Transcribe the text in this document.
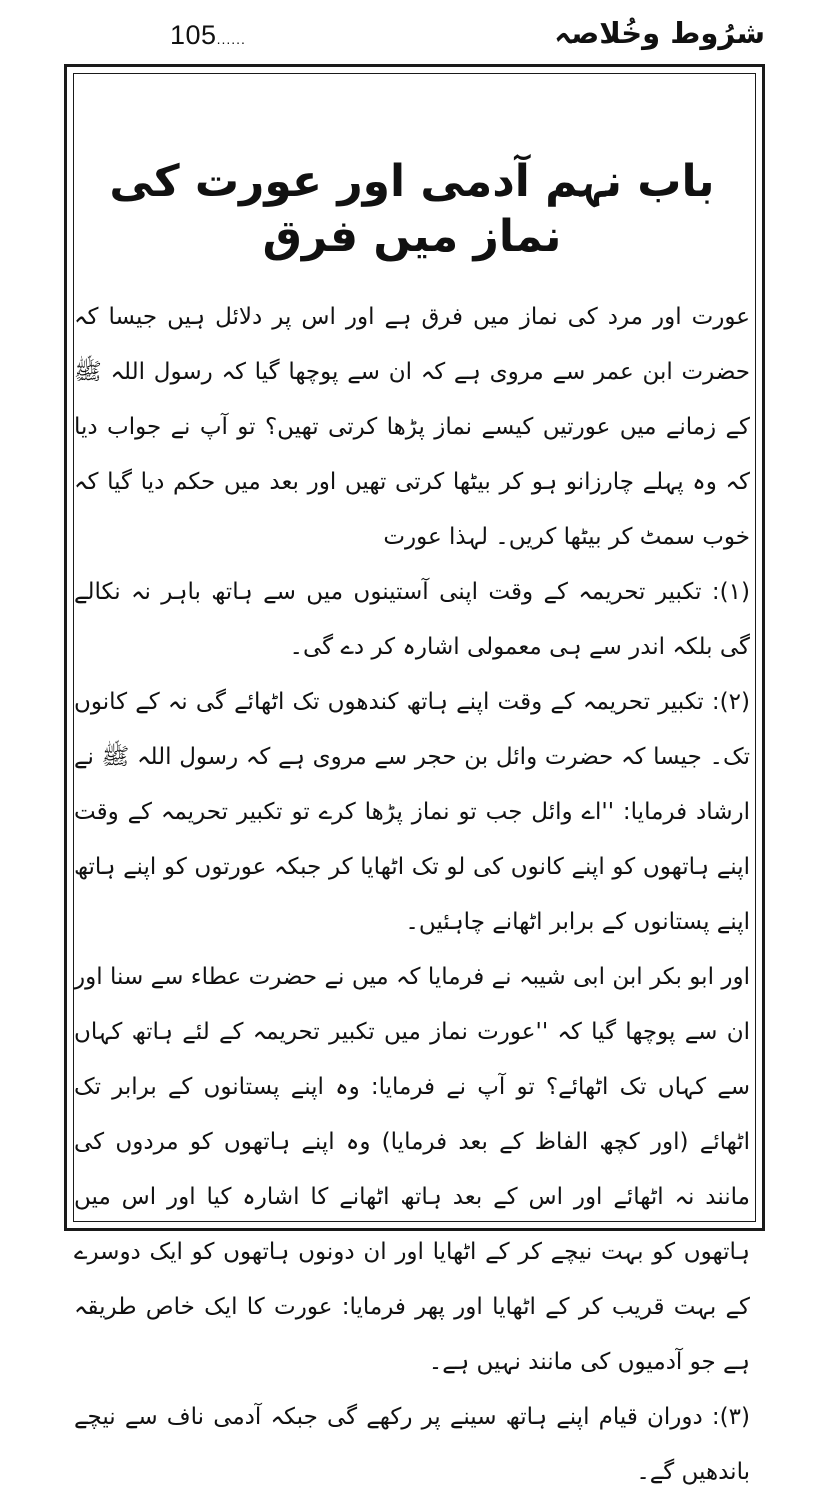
105......	شرُوط وخُلاصہ
باب نہم آدمی اور عورت کی نماز میں فرق

عورت اور مرد کی نماز میں فرق ہے اور اس پر دلائل ہیں جیسا کہ حضرت ابن عمر سے مروی ہے کہ ان سے پوچھا گیا کہ رسول اللہ ﷺ کے زمانے میں عورتیں کیسے نماز پڑھا کرتی تھیں؟ تو آپ نے جواب دیا کہ وہ پہلے چارزانو ہو کر بیٹھا کرتی تھیں اور بعد میں حکم دیا گیا کہ خوب سمٹ کر بیٹھا کریں۔ لہذا عورت

(۱): تکبیر تحریمہ کے وقت اپنی آستینوں میں سے ہاتھ باہر نہ نکالے گی بلکہ اندر سے ہی معمولی اشارہ کر دے گی۔

(۲): تکبیر تحریمہ کے وقت اپنے ہاتھ کندھوں تک اٹھائے گی نہ کے کانوں تک۔ جیسا کہ حضرت وائل بن حجر سے مروی ہے کہ رسول اللہ ﷺ نے ارشاد فرمایا: ''اے وائل جب تو نماز پڑھا کرے تو تکبیر تحریمہ کے وقت اپنے ہاتھوں کو اپنے کانوں کی لو تک اٹھایا کر جبکہ عورتوں کو اپنے ہاتھ اپنے پستانوں کے برابر اٹھانے چاہئیں۔

اور ابو بکر ابن ابی شیبہ نے فرمایا کہ میں نے حضرت عطاء سے سنا اور ان سے پوچھا گیا کہ ''عورت نماز میں تکبیر تحریمہ کے لئے ہاتھ کہاں سے کہاں تک اٹھائے؟ تو آپ نے فرمایا: وہ اپنے پستانوں کے برابر تک اٹھائے (اور کچھ الفاظ کے بعد فرمایا) وہ اپنے ہاتھوں کو مردوں کی مانند نہ اٹھائے اور اس کے بعد ہاتھ اٹھانے کا اشارہ کیا اور اس میں ہاتھوں کو بہت نیچے کر کے اٹھایا اور ان دونوں ہاتھوں کو ایک دوسرے کے بہت قریب کر کے اٹھایا اور پھر فرمایا: عورت کا ایک خاص طریقہ ہے جو آدمیوں کی مانند نہیں ہے۔

(۳): دوران قیام اپنے ہاتھ سینے پر رکھے گی جبکہ آدمی ناف سے نیچے باندھیں گے۔
